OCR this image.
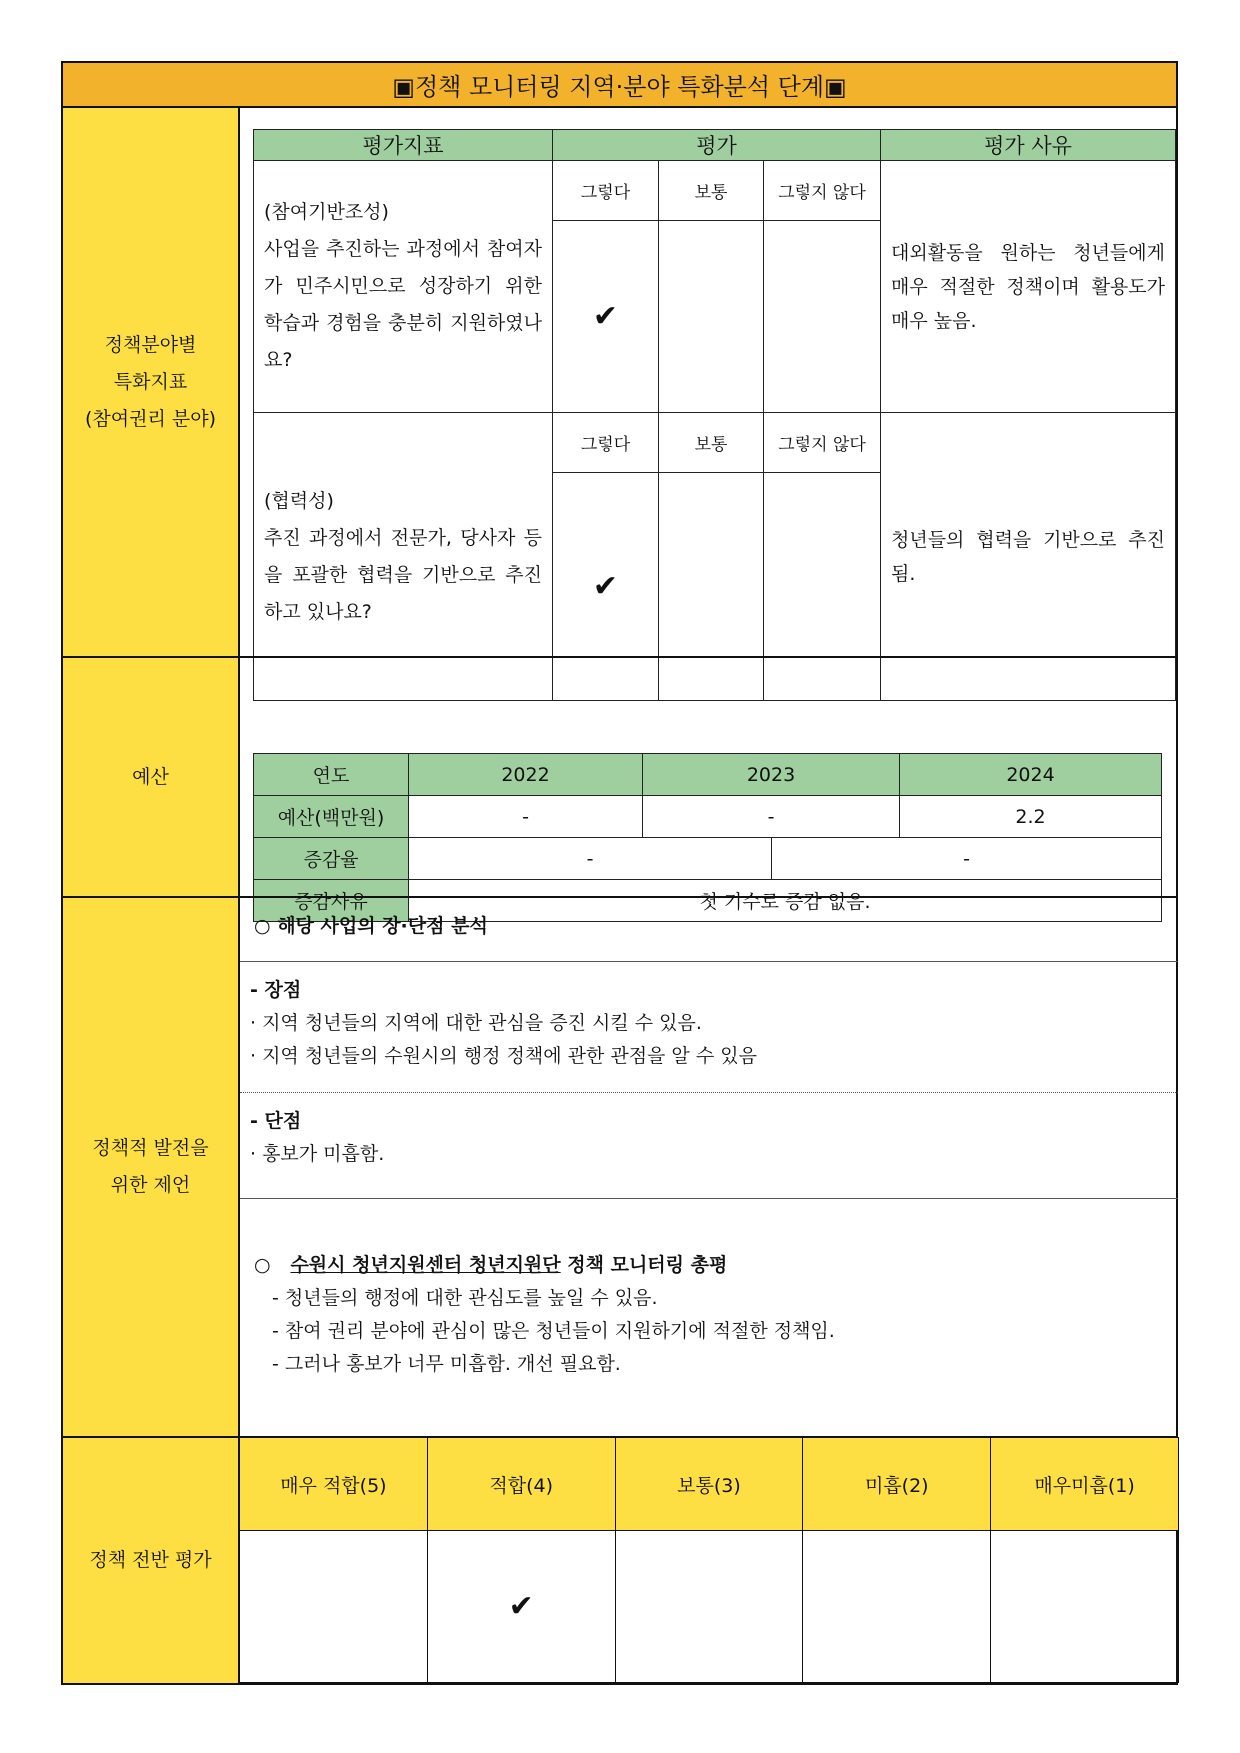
▣정책 모니터링 지역·분야 특화분석 단계▣
정책분야별
특화지표
(참여권리 분야)
평가지표	평가			평가 사유

(참여기반조성)
사업을 추진하는 과정에서 참여자가 민주시민으로 성장하기 위한 학습과 경험을 충분히 지원하였나요?	그렇다	보통	그렇지 않다	대외활동을 원하는 청년들에게 매우 적절한 정책이며 활용도가 매우 높음.
	✔			

(협력성)
추진 과정에서 전문가, 당사자 등을 포괄한 협력을 기반으로 추진하고 있나요?	그렇다	보통	그렇지 않다	청년들의 협력을 기반으로 추진됨.
	✔			
예산	연도	2022	2023		2024
예산(백만원)	-	-		2.2
증감율	-		-	
증감사유	첫 기수로 증감 없음.			
정책적 발전을
위한 제언
○ 해당 사업의 장·단점 분석
- 장점
· 지역 청년들의 지역에 대한 관심을 증진 시킬 수 있음.
· 지역 청년들의 수원시의 행정 정책에 관한 관점을 알 수 있음
- 단점
· 홍보가 미흡함.
○ 수원시 청년지원센터 청년지원단 정책 모니터링 총평
- 청년들의 행정에 대한 관심도를 높일 수 있음.
- 참여 권리 분야에 관심이 많은 청년들이 지원하기에 적절한 정책임.
- 그러나 홍보가 너무 미흡함. 개선 필요함.
정책 전반 평가
매우 적합(5)	적합(4)	보통(3)	미흡(2)	매우미흡(1)
	✔			
